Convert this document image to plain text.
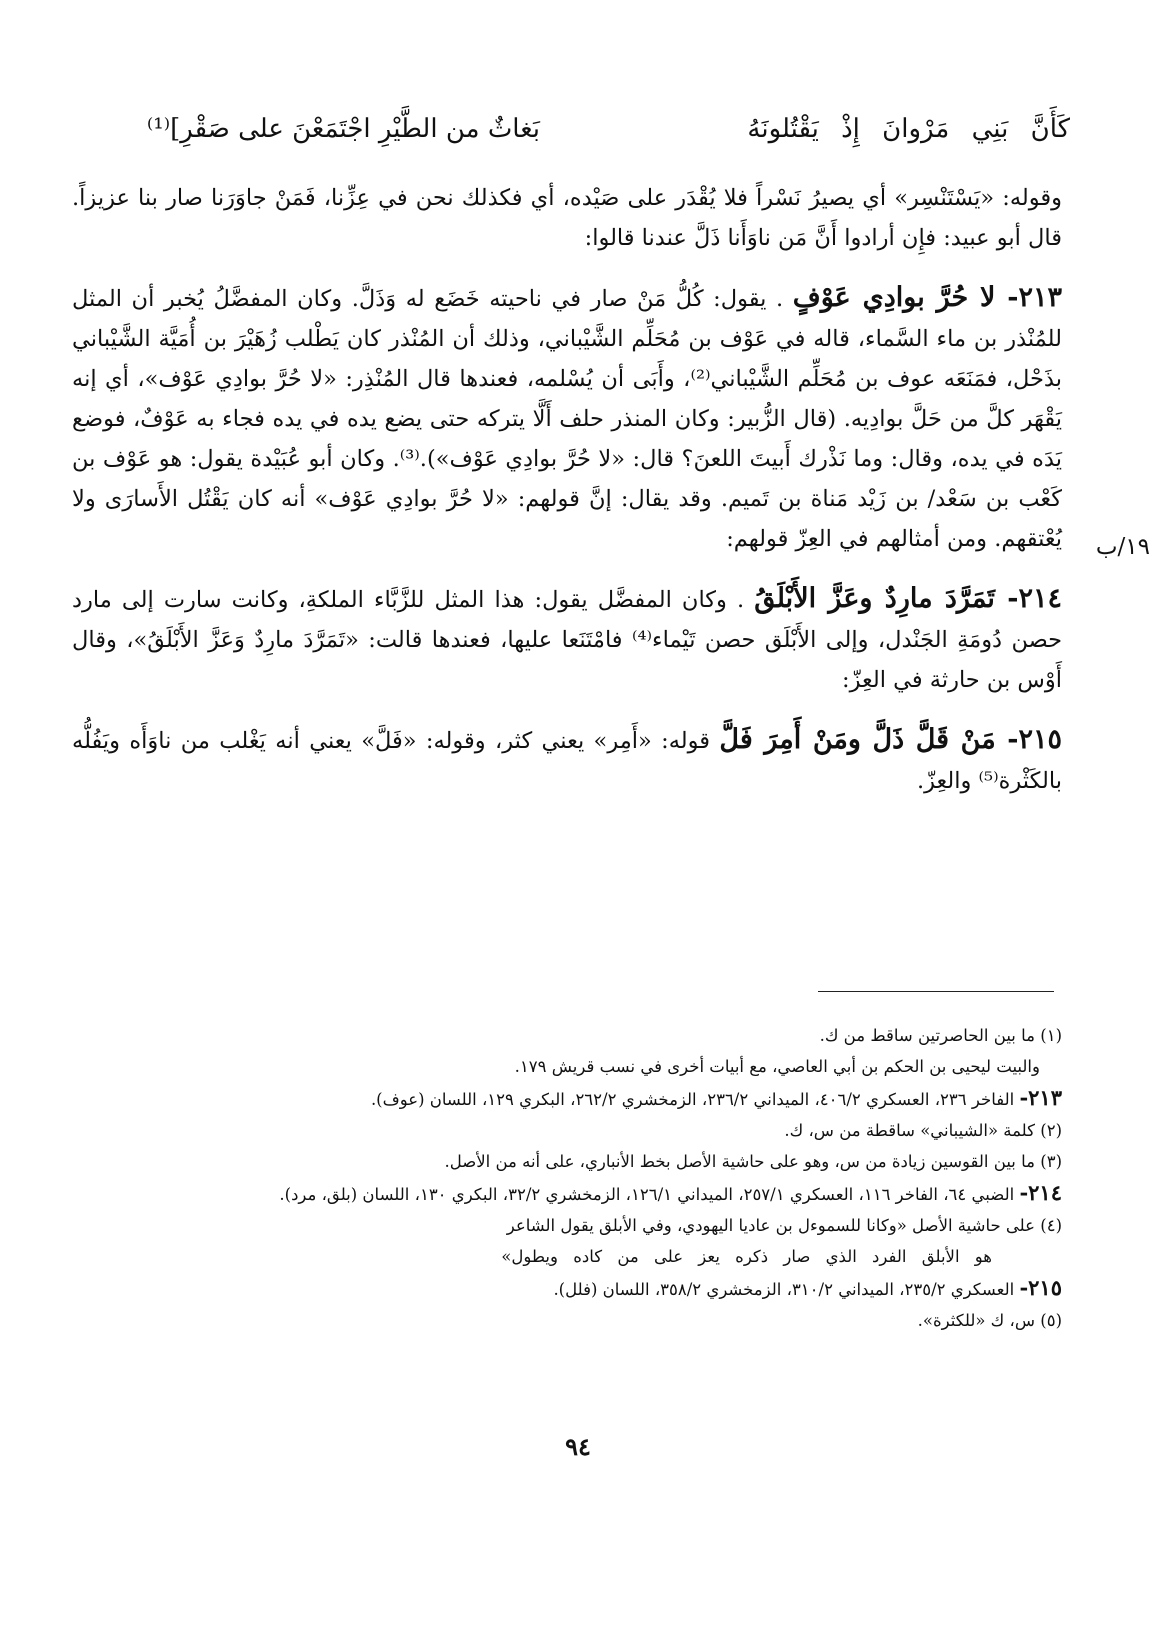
كَأَنَّ بَنِي مَرْوانَ إِذْ يَقْتُلونَهُ
بَغاثٌ من الطَّيْرِ اجْتَمَعْنَ على صَقْرِ]⁽¹⁾

وقوله: «يَسْتَنْسِر» أي يصيرُ نَسْراً فلا يُقْدَر على صَيْده، أي فكذلك نحن في عِزِّنا، فَمَنْ جاوَرَنا صار بنا عزيزاً. قال أبو عبيد: فإِن أرادوا أَنَّ مَن ناوَأَنا ذَلَّ عندنا قالوا:

٢١٣- لا حُرَّ بوادِي عَوْفٍ . يقول: كُلُّ مَنْ صار في ناحيته خَضَع له وَذَلَّ. وكان المفضَّلُ يُخبر أن المثل للمُنْذر بن ماء السَّماء، قاله في عَوْف بن مُحَلِّم الشَّيْباني، وذلك أن المُنْذر كان يَطْلب زُهَيْرَ بن أُمَيَّة الشَّيْباني بذَحْل، فمَنَعَه عوف بن مُحَلِّم الشَّيْباني⁽²⁾، وأَبَى أن يُسْلمه، فعندها قال المُنْذِر: «لا حُرَّ بوادِي عَوْف»، أي إنه يَقْهَر كلَّ من حَلَّ بوادِيه. (قال الزُّبير: وكان المنذر حلف أَلَّا يتركه حتى يضع يده في يده فجاء به عَوْفٌ، فوضع يَدَه في يده، وقال: وما نَذْرك أَبيتَ اللعنَ؟ قال: «لا حُرَّ بوادِي عَوْف»).⁽³⁾. وكان أبو عُبَيْدة يقول: هو عَوْف بن كَعْب بن سَعْد/ بن زَيْد مَناة بن تَميم. وقد يقال: إنَّ قولهم: «لا حُرَّ بوادِي عَوْف» أنه كان يَقْتُل الأَسارَى ولا يُعْتقهم. ومن أمثالهم في العِزّ قولهم:

٢١٤- تَمَرَّدَ مارِدٌ وعَزَّ الأَبْلَقُ . وكان المفضَّل يقول: هذا المثل للزَّبَّاء الملكةِ، وكانت سارت إلى مارد حصن دُومَةِ الجَنْدل، وإلى الأَبْلَق حصن تَيْماء⁽⁴⁾ فامْتَنَعا عليها، فعندها قالت: «تَمَرَّدَ مارِدٌ وَعَزَّ الأَبْلَقُ»، وقال أَوْس بن حارثة في العِزّ:

٢١٥- مَنْ قَلَّ ذَلَّ ومَنْ أَمِرَ فَلَّ قوله: «أَمِر» يعني كثر، وقوله: «فَلَّ» يعني أنه يَغْلب من ناوَأَه ويَفُلُّه بالكَثْرة⁽⁵⁾ والعِزّ.

١٩/ب

(١) ما بين الحاصرتين ساقط من ك.

والبيت ليحيى بن الحكم بن أبي العاصي، مع أبيات أخرى في نسب قريش ١٧٩.

٢١٣- الفاخر ٢٣٦، العسكري ٤٠٦/٢، الميداني ٢٣٦/٢، الزمخشري ٢٦٢/٢، البكري ١٢٩، اللسان (عوف).

(٢) كلمة «الشيباني» ساقطة من س، ك.

(٣) ما بين القوسين زيادة من س، وهو على حاشية الأصل بخط الأنباري، على أنه من الأصل.

٢١٤- الضبي ٦٤، الفاخر ١١٦، العسكري ٢٥٧/١، الميداني ١٢٦/١، الزمخشري ٣٢/٢، البكري ١٣٠، اللسان (بلق، مرد).

(٤) على حاشية الأصل «وكانا للسموءل بن عاديا اليهودي، وفي الأبلق يقول الشاعر

هو الأبلق الفرد الذي صار ذكره يعز على من كاده ويطول»

٢١٥- العسكري ٢٣٥/٢، الميداني ٣١٠/٢، الزمخشري ٣٥٨/٢، اللسان (فلل).

(٥) س، ك «للكثرة».

٩٤
